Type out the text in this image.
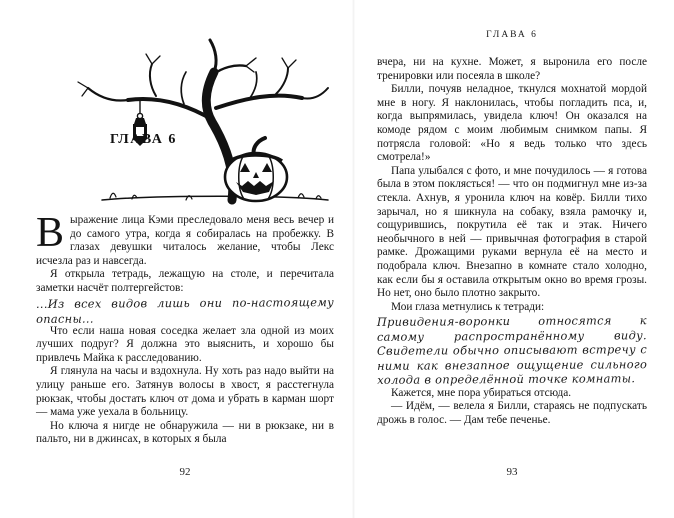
ГЛАВА 6

Выражение лица Кэми преследовало меня весь вечер и до самого утра, когда я собиралась на пробежку. В глазах девушки читалось желание, чтобы Лекс исчезла раз и навсегда.

Я открыла тетрадь, лежащую на столе, и перечитала заметки насчёт полтергейстов:

...Из всех видов лишь они по-настоящему опасны...

Что если наша новая соседка желает зла одной из моих лучших подруг? Я должна это выяснить, и хорошо бы привлечь Майка к расследованию.

Я глянула на часы и вздохнула. Ну хоть раз надо выйти на улицу раньше его. Затянув волосы в хвост, я расстегнула рюкзак, чтобы достать ключ от дома и убрать в карман шорт — мама уже уехала в больницу.

Но ключа я нигде не обнаружила — ни в рюкзаке, ни в пальто, ни в джинсах, в которых я была

92
ГЛАВА 6

вчера, ни на кухне. Может, я выронила его после тренировки или посеяла в школе?

Билли, почуяв неладное, ткнулся мохнатой мордой мне в ногу. Я наклонилась, чтобы погладить пса, и, когда выпрямилась, увидела ключ! Он оказался на комоде рядом с моим любимым снимком папы. Я потрясла головой: «Но я ведь только что здесь смотрела!»

Папа улыбался с фото, и мне почудилось — я готова была в этом поклясться! — что он подмигнул мне из-за стекла. Ахнув, я уронила ключ на ковёр. Билли тихо зарычал, но я шикнула на собаку, взяла рамочку и, сощурившись, покрутила её так и этак. Ничего необычного в ней — привычная фотография в старой рамке. Дрожащими руками вернула её на место и подобрала ключ. Внезапно в комнате стало холодно, как если бы я оставила открытым окно во время грозы. Но нет, оно было плотно закрыто.

Мои глаза метнулись к тетради:

Привидения-воронки относятся к самому распространённому виду. Свидетели обычно описывают встречу с ними как внезапное ощущение сильного холода в определённой точке комнаты.

Кажется, мне пора убираться отсюда.

— Идём, — велела я Билли, стараясь не подпускать дрожь в голос. — Дам тебе печенье.

93
